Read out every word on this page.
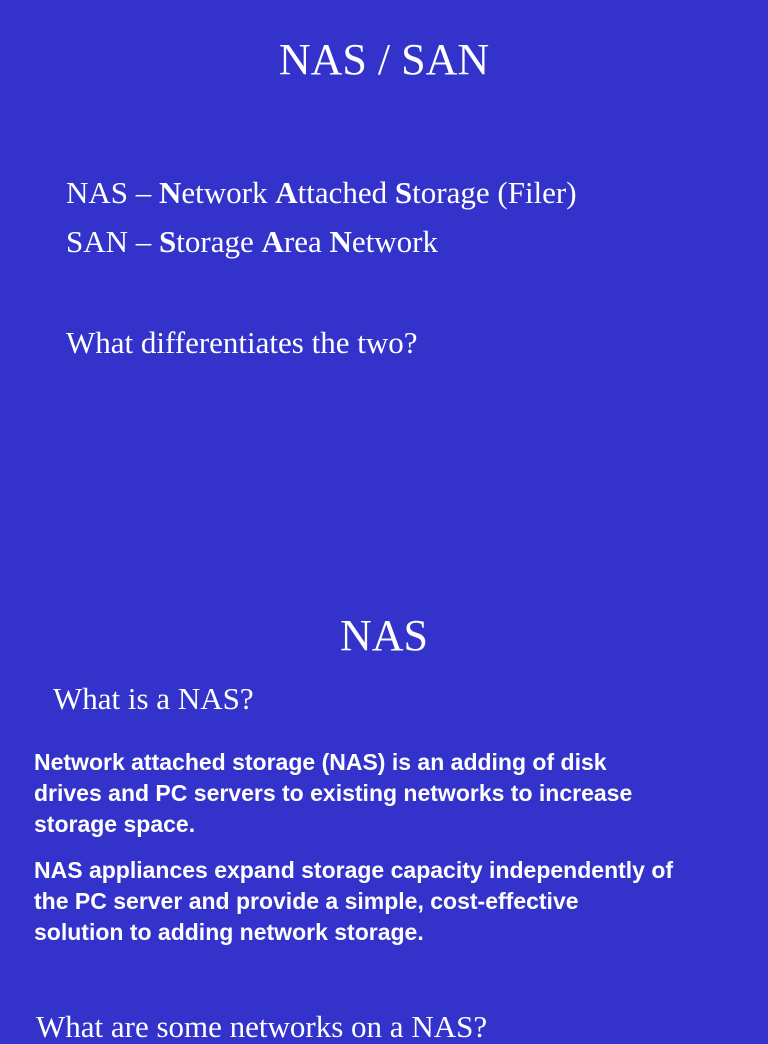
NAS / SAN
NAS – Network Attached Storage (Filer)
SAN – Storage Area Network
What differentiates the two?
NAS
What is a NAS?

Network attached storage (NAS) is an adding of disk drives and PC servers to existing networks to increase storage space.

NAS appliances expand storage capacity independently of the PC server and provide a simple, cost-effective solution to adding network storage.

What are some networks on a NAS?
